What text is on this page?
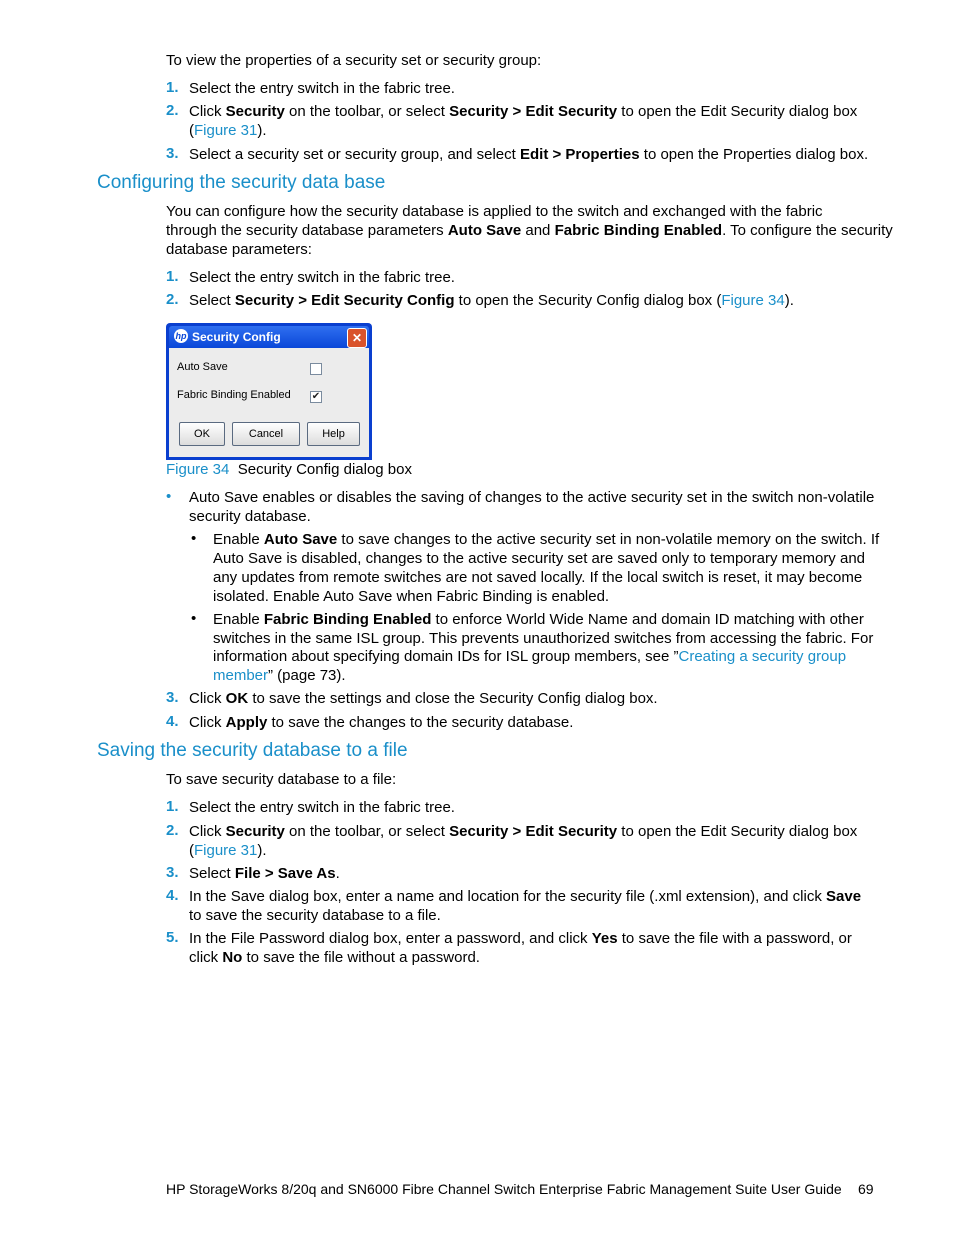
To view the properties of a security set or security group:
1. Select the entry switch in the fabric tree.
2. Click Security on the toolbar, or select Security > Edit Security to open the Edit Security dialog box
(Figure 31).
3. Select a security set or security group, and select Edit > Properties to open the Properties dialog box.
Configuring the security data base
You can configure how the security database is applied to the switch and exchanged with the fabric
through the security database parameters Auto Save and Fabric Binding Enabled. To configure the security
database parameters:
1. Select the entry switch in the fabric tree.
2. Select Security > Edit Security Config to open the Security Config dialog box (Figure 34).
hp Security Config	✕
Auto Save
Fabric Binding Enabled ✔
OK	Cancel	Help
Figure 34 Security Config dialog box
• Auto Save enables or disables the saving of changes to the active security set in the switch non-volatile
security database.
• Enable Auto Save to save changes to the active security set in non-volatile memory on the switch. If
Auto Save is disabled, changes to the active security set are saved only to temporary memory and
any updates from remote switches are not saved locally. If the local switch is reset, it may become
isolated. Enable Auto Save when Fabric Binding is enabled.
• Enable Fabric Binding Enabled to enforce World Wide Name and domain ID matching with other
switches in the same ISL group. This prevents unauthorized switches from accessing the fabric. For
information about specifying domain IDs for ISL group members, see ”Creating a security group
member” (page 73).
3. Click OK to save the settings and close the Security Config dialog box.
4. Click Apply to save the changes to the security database.
Saving the security database to a file
To save security database to a file:
1. Select the entry switch in the fabric tree.
2. Click Security on the toolbar, or select Security > Edit Security to open the Edit Security dialog box
(Figure 31).
3. Select File > Save As.
4. In the Save dialog box, enter a name and location for the security file (.xml extension), and click Save
to save the security database to a file.
5. In the File Password dialog box, enter a password, and click Yes to save the file with a password, or
click No to save the file without a password.
HP StorageWorks 8/20q and SN6000 Fibre Channel Switch Enterprise Fabric Management Suite User Guide 69
